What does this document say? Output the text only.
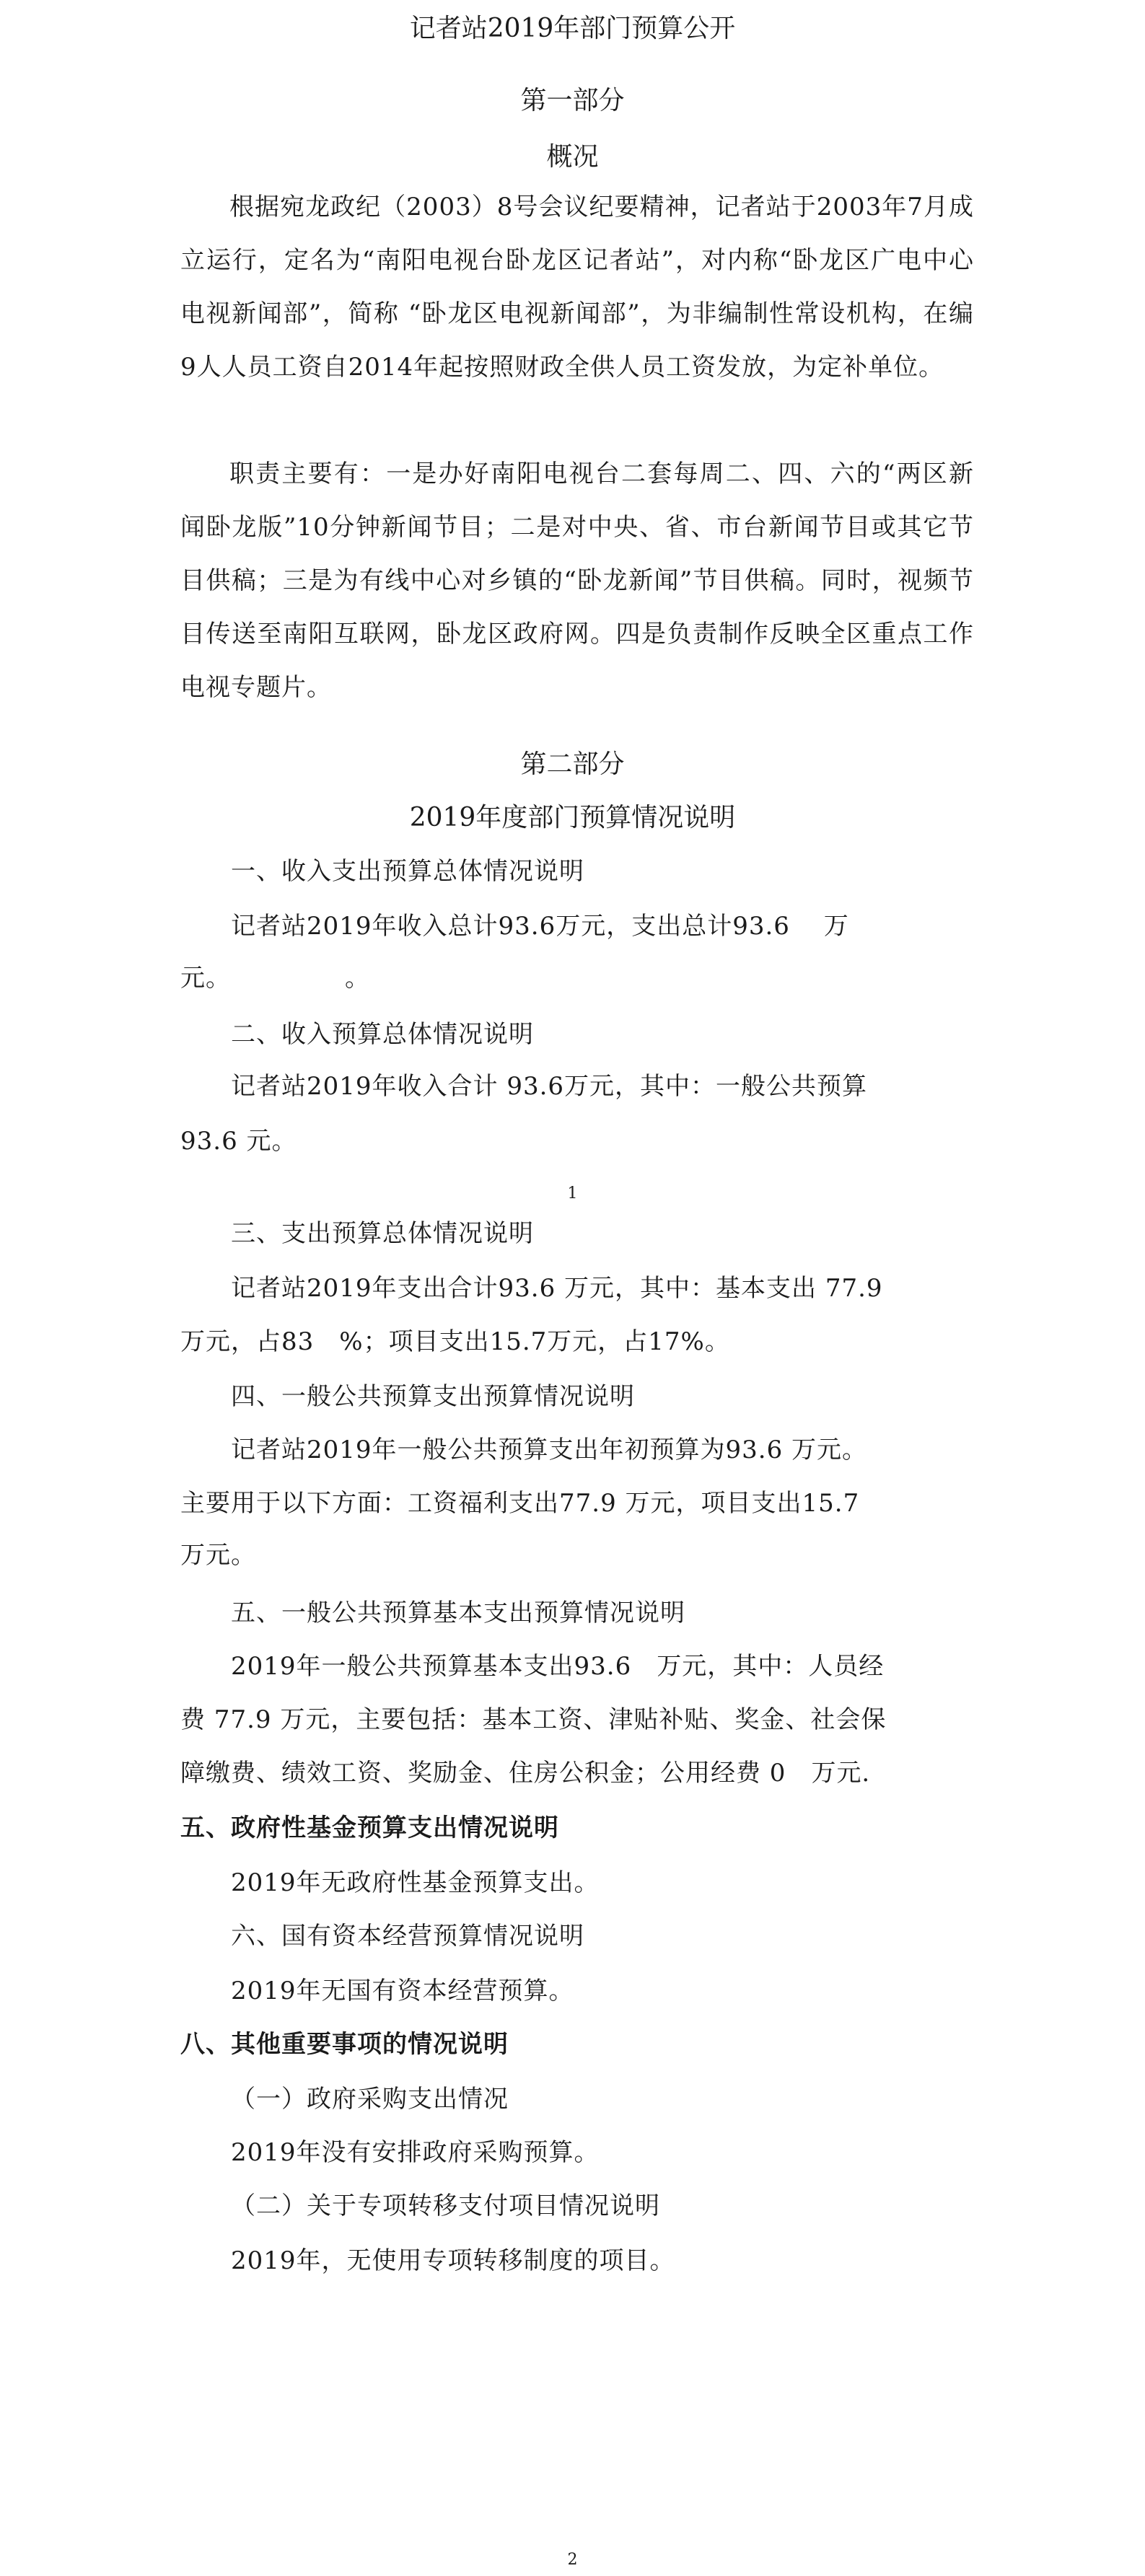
记者站2019年部门预算公开
第一部分
概况
根据宛龙政纪（2003）8号会议纪要精神，记者站于2003年7月成立运行，定名为“南阳电视台卧龙区记者站”，对内称“卧龙区广电中心电视新闻部”，简称 “卧龙区电视新闻部”，为非编制性常设机构，在编9人人员工资自2014年起按照财政全供人员工资发放，为定补单位。
职责主要有：一是办好南阳电视台二套每周二、四、六的“两区新闻卧龙版”10分钟新闻节目；二是对中央、省、市台新闻节目或其它节目供稿；三是为有线中心对乡镇的“卧龙新闻”节目供稿。同时，视频节目传送至南阳互联网，卧龙区政府网。四是负责制作反映全区重点工作电视专题片。
第二部分
2019年度部门预算情况说明
一、收入支出预算总体情况说明
记者站2019年收入总计93.6万元，支出总计93.6　 万
元。　　　　　。
二、收入预算总体情况说明
记者站2019年收入合计 93.6万元，其中：一般公共预算
93.6 元。
1
三、支出预算总体情况说明
记者站2019年支出合计93.6 万元，其中：基本支出 77.9
万元，占83　%；项目支出15.7万元，占17%。
四、一般公共预算支出预算情况说明
记者站2019年一般公共预算支出年初预算为93.6 万元。
主要用于以下方面：工资福利支出77.9 万元，项目支出15.7
万元。
五、一般公共预算基本支出预算情况说明
2019年一般公共预算基本支出93.6　万元，其中：人员经
费 77.9 万元，主要包括：基本工资、津贴补贴、奖金、社会保
障缴费、绩效工资、奖励金、住房公积金；公用经费 0　万元.
五、政府性基金预算支出情况说明
2019年无政府性基金预算支出。
六、国有资本经营预算情况说明
2019年无国有资本经营预算。
八、其他重要事项的情况说明
（一）政府采购支出情况
2019年没有安排政府采购预算。
（二）关于专项转移支付项目情况说明
2019年，无使用专项转移制度的项目。
2
